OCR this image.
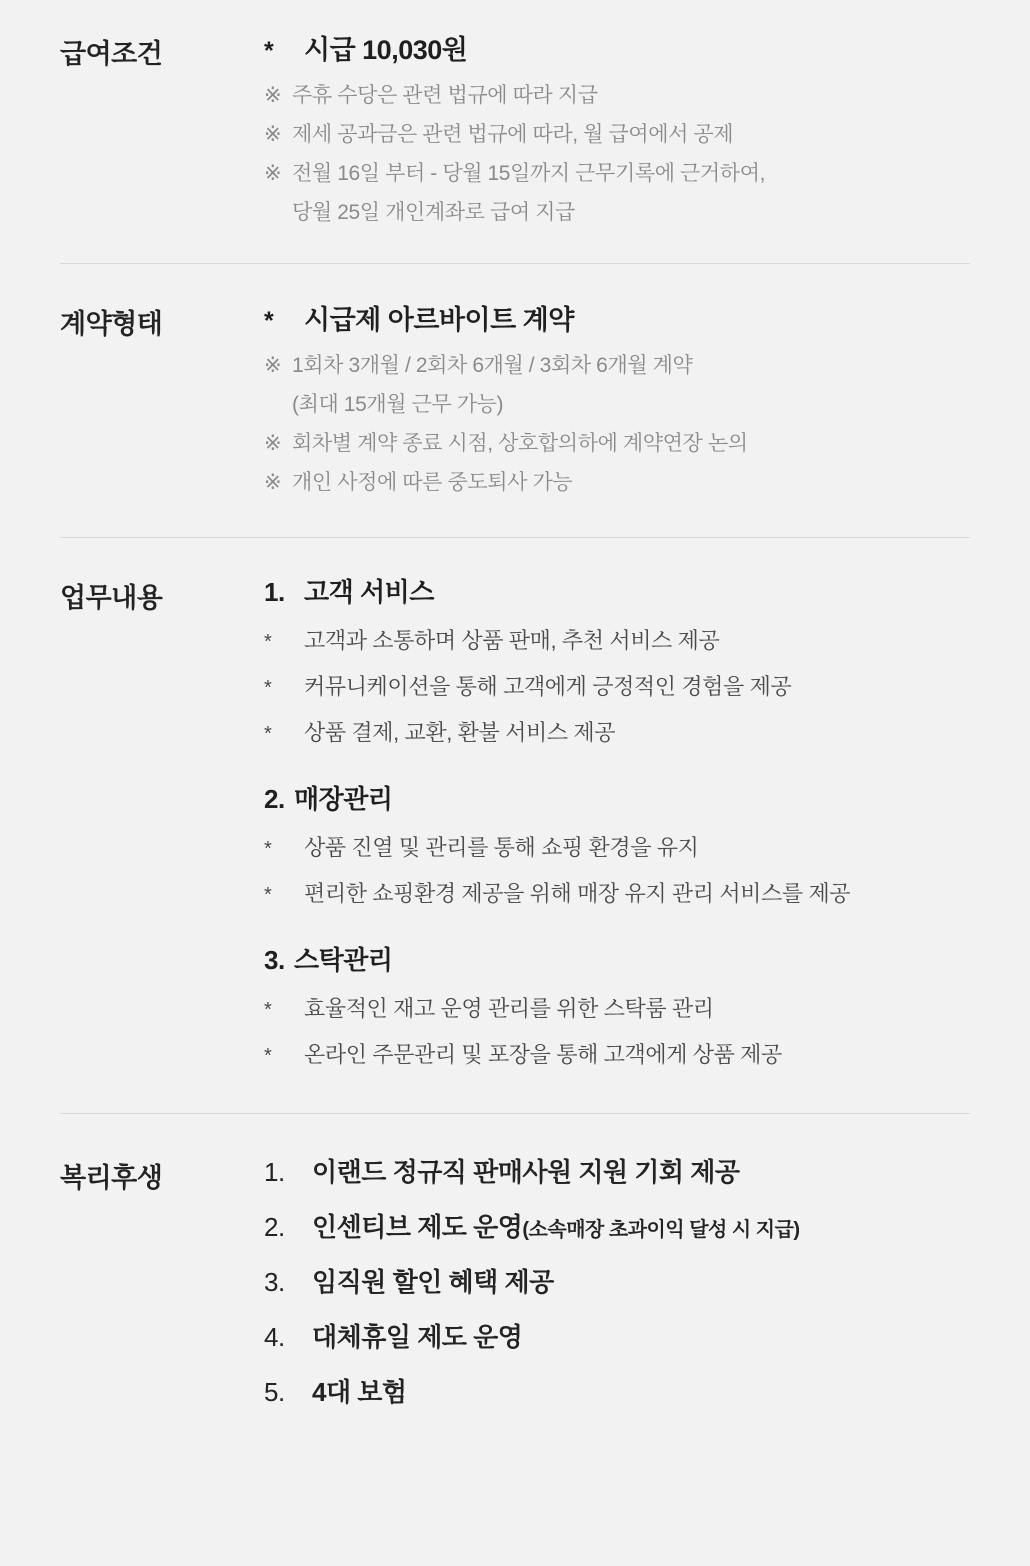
급여조건	*	시급 10,030원
※ 주휴 수당은 관련 법규에 따라 지급
※ 제세 공과금은 관련 법규에 따라, 월 급여에서 공제
※ 전월 16일 부터 - 당월 15일까지 근무기록에 근거하여,
당월 25일 개인계좌로 급여 지급
계약형태	*	시급제 아르바이트 계약
※ 1회차 3개월 / 2회차 6개월 / 3회차 6개월 계약
(최대 15개월 근무 가능)
※ 회차별 계약 종료 시점, 상호합의하에 계약연장 논의
※ 개인 사정에 따른 중도퇴사 가능
업무내용	1. 고객 서비스
*	고객과 소통하며 상품 판매, 추천 서비스 제공
*	커뮤니케이션을 통해 고객에게 긍정적인 경험을 제공
*	상품 결제, 교환, 환불 서비스 제공
2. 매장관리
*	상품 진열 및 관리를 통해 쇼핑 환경을 유지
*	편리한 쇼핑환경 제공을 위해 매장 유지 관리 서비스를 제공
3. 스탁관리
*	효율적인 재고 운영 관리를 위한 스탁룸 관리
*	온라인 주문관리 및 포장을 통해 고객에게 상품 제공
복리후생	1.	이랜드 정규직 판매사원 지원 기회 제공
2.	인센티브 제도 운영 (소속매장 초과이익 달성 시 지급)
3.	임직원 할인 혜택 제공
4.	대체휴일 제도 운영
5.	4대 보험
